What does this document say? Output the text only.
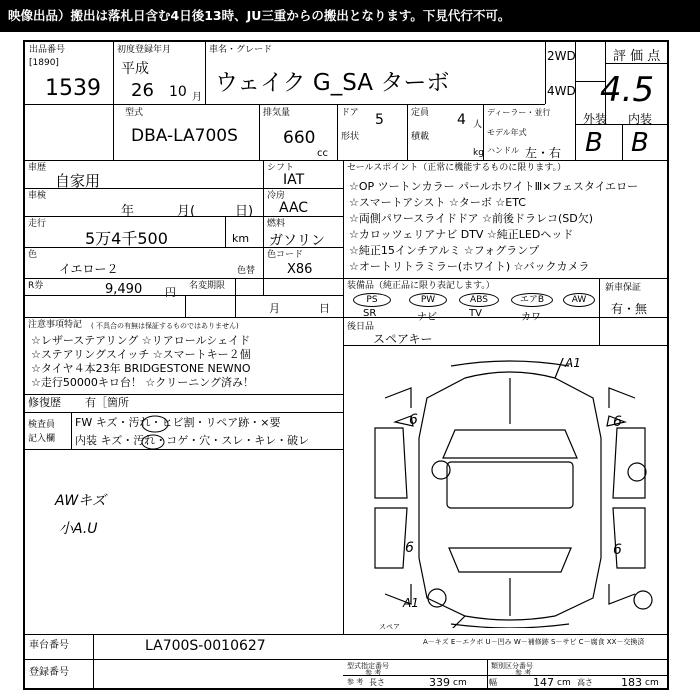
映像出品）搬出は落札日含む4日後13時、JU三重からの搬出となります。下見代行不可。
出品番号
[1890]
1539
初度登録年月
平成
26 10 月
車名・グレード
ウェイク G_SA ターボ
2WD
4WD
評 価 点
4.5
型式
DBA-LA700S
排気量
660
cc
ドア 5
形状
定員 4 人
積載
kg
ディーラー・並行
モデル年式
ハンドル 左・右
外装 内装
B B
車歴
自家用
シフト
IAT
車検
年	月(	日)
冷房
AAC
走行
5万4千500	km
燃料
ガソリン
色
イエロー２	色替
色コード
X86
R券	9,490 円 名変期限
月	日
セールスポイント（正常に機能するものに限ります。）
☆OP ツートンカラー パールホワイトⅢ×フェスタイエロー
☆スマートアシスト ☆ターボ ☆ETC
☆両側パワースライドドア ☆前後ドラレコ(SD欠)
☆カロッツェリアナビ DTV ☆純正LEDヘッド
☆純正15インチアルミ ☆フォグランプ
☆オートリトラミラー(ホワイト) ☆バックカメラ
装備品（純正品に限り表記します。）
PS	PW	ABS	エアB	AW
SR	ナビ	TV	カワ
新車保証
有・無
注意事項特記 ( 不具合の有無は保証するものではありません)
☆レザーステアリング ☆リアロールシェイド
☆ステアリングスイッチ ☆スマートキー２個
☆タイヤ４本23年 BRIDGESTONE NEWNO
☆走行50000キロ台！ ☆クリーニング済み！
修復歴 有［箇所
後日品
スペアキー
検査員
記入欄
FW キズ・汚れ・ヒビ割・リペア跡・×要
内装 キズ・汚れ・コゲ・穴・スレ・キレ・破レ
AWキズ
小A.U
A1
A1
6	6
6	6
スペア
A－キズ E－エクボ U－凹み W－補修跡 S－サビ C－腐食 XX－交換済
車台番号	LA700S-0010627
登録番号
型式指定番号
参 考
類別区分番号
参 考
参 考 長さ	339 cm	幅	147 cm 高さ	183 cm
